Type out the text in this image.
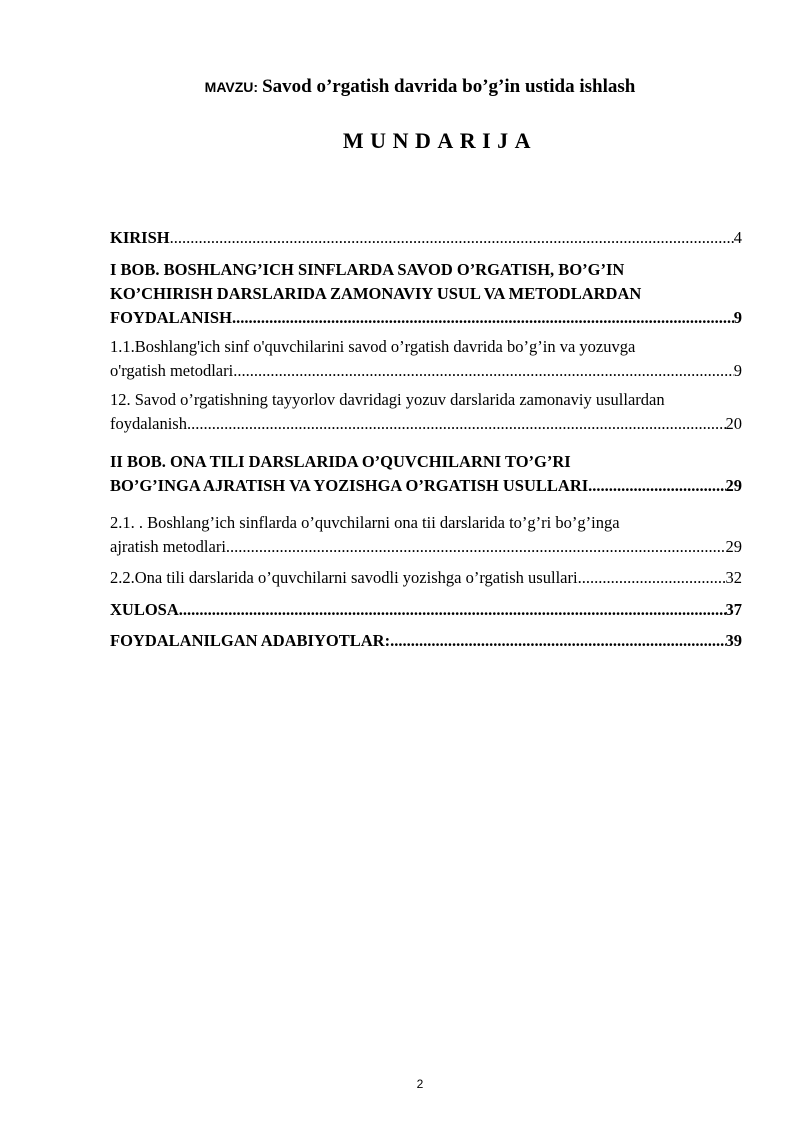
MAVZU: Savod o’rgatish davrida bo’g’in ustida ishlash
MUNDARIJA
KIRISH .....	4
I BOB. BOSHLANG’ICH SINFLARDA SAVOD O’RGATISH, BO’G’IN
KO’CHIRISH DARSLARIDA ZAMONAVIY USUL VA METODLARDAN
FOYDALANISH .....	9
1.1.Boshlang'ich sinf o'quvchilarini savod o’rgatish davrida bo’g’in va yozuvga
o'rgatish metodlari .....	9
12. Savod o’rgatishning tayyorlov davridagi yozuv darslarida zamonaviy usullardan
foydalanish .....	20
II BOB. ONA TILI DARSLARIDA O’QUVCHILARNI TO’G’RI
BO’G’INGA AJRATISH VA YOZISHGA O’RGATISH USULLARI .....	29
2.1. . Boshlang’ich sinflarda o’quvchilarni ona tii darslarida to’g’ri bo’g’inga
ajratish metodlari .....	29
2.2.Ona tili darslarida o’quvchilarni savodli yozishga o’rgatish usullari .....	32
XULOSA .....	37
FOYDALANILGAN ADABIYOTLAR: .....	39
2
